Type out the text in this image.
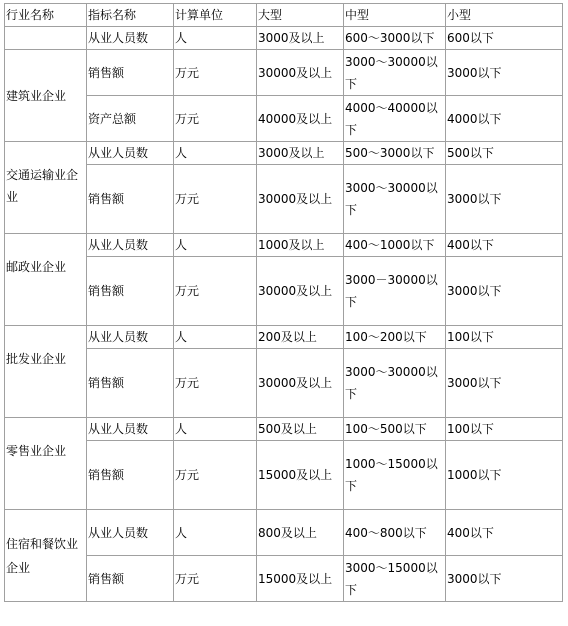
行业名称	指标名称	计算单位	大型	中型	小型
	从业人员数	人	3000及以上	600～3000以下	600以下
建筑业企业	销售额	万元	30000及以上	3000～30000以下	3000以下
	资产总额	万元	40000及以上	4000～40000以下	4000以下

交通运输业企业	从业人员数	人	3000及以上	500～3000以下	500以下
	销售额	万元	30000及以上	3000～30000以下	3000以下

邮政业企业	从业人员数	人	1000及以上	400～1000以下	400以下
	销售额	万元	30000及以上	3000－30000以下	3000以下

批发业企业	从业人员数	人	200及以上	100～200以下	100以下
	销售额	万元	30000及以上	3000～30000以下	3000以下

零售业企业	从业人员数	人	500及以上	100～500以下	100以下
	销售额	万元	15000及以上	1000～15000以下	1000以下
住宿和餐饮业企业	从业人员数	人	800及以上	400～800以下	400以下
	销售额	万元	15000及以上	3000～15000以下	3000以下
